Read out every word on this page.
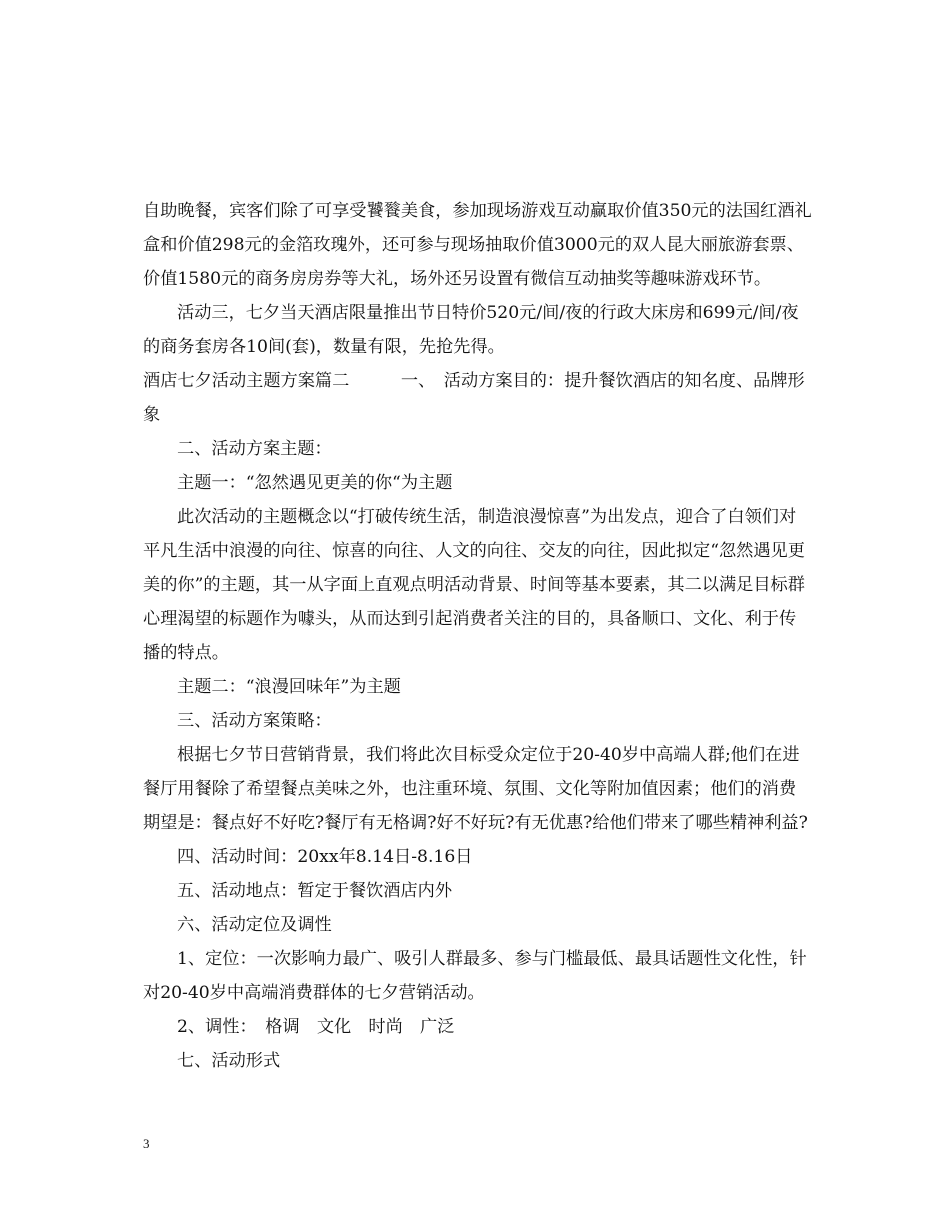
自助晚餐，宾客们除了可享受饕餮美食，参加现场游戏互动赢取价值350元的法国红酒礼盒和价值298元的金箔玫瑰外，还可参与现场抽取价值3000元的双人昆大丽旅游套票、价值1580元的商务房房券等大礼，场外还另设置有微信互动抽奖等趣味游戏环节。

活动三，七夕当天酒店限量推出节日特价520元/间/夜的行政大床房和699元/间/夜的商务套房各10间(套)，数量有限，先抢先得。

酒店七夕活动主题方案篇二　　　一、　活动方案目的：提升餐饮酒店的知名度、品牌形象

二、活动方案主题：

主题一：“忽然遇见更美的你“为主题

此次活动的主题概念以“打破传统生活，制造浪漫惊喜”为出发点，迎合了白领们对平凡生活中浪漫的向往、惊喜的向往、人文的向往、交友的向往，因此拟定“忽然遇见更美的你”的主题，其一从字面上直观点明活动背景、时间等基本要素，其二以满足目标群心理渴望的标题作为噱头，从而达到引起消费者关注的目的，具备顺口、文化、利于传播的特点。

主题二：“浪漫回味年”为主题

三、活动方案策略：

根据七夕节日营销背景，我们将此次目标受众定位于20-40岁中高端人群;他们在进餐厅用餐除了希望餐点美味之外，也注重环境、氛围、文化等附加值因素；他们的消费期望是：餐点好不好吃?餐厅有无格调?好不好玩?有无优惠?给他们带来了哪些精神利益?

四、活动时间：20xx年8.14日-8.16日

五、活动地点：暂定于餐饮酒店内外

六、活动定位及调性

1、定位：一次影响力最广、吸引人群最多、参与门槛最低、最具话题性文化性，针对20-40岁中高端消费群体的七夕营销活动。

2、调性：　格调　文化　时尚　广泛

七、活动形式

3
